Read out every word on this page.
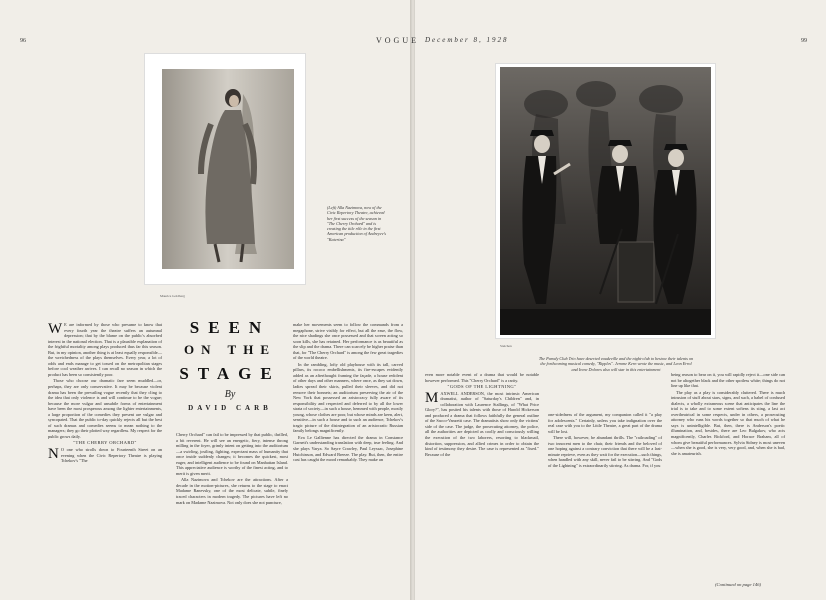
96
Maurice Goldberg
(Left) Alla Nazimova, now of the Civic Repertory Theatre, achieved her first success of the season in "The Cherry Orchard" and is creating the title rôle in the first American production of Andreyev's "Katerina"

W E are informed by those who presume to know that every fourth year the theatre suffers an autumnal depression; that by the blame on the public's absorbed interest in the national election. That is a plausible explanation of the frightful mortality among plays produced thus far this season. But, in my opinion, another thing is at least equally responsible—the wretchedness of the plays themselves. Every year, a lot of odds and ends manage to get tossed on the metropolitan stages before cool weather arrives. I can recall no season in which the product has been so consistently poor.

Those who choose our dramatic fare seem muddled—or, perhaps, they are only conservative. It may be because violent drama has been the prevailing vogue recently that they cling to the idea that only violence is and will continue to be the vogue; because the more vulgar and unsubtle forms of entertainment have been the most prosperous among the lighter entertainments, a large proportion of the comedies they present are vulgar and syncopated. That the public to-day quickly rejects all but the best of such dramas and comedies seems to mean nothing to the managers; they go their plotted way regardless. My respect for the public grows daily.

"THE CHERRY ORCHARD"

N O one who strolls down to Fourteenth Street on an evening when the Civic Repertory Theatre is playing Tchekov's "The

SEEN
ON THE
STAGE
By
DAVID CARB

Cherry Orchard" can fail to be impressed by that public, thrilled, a bit reverent. He will see an energetic, fiery, intense throng milling in the foyer, grimly intent on getting into the auditorium—a swirling, jostling, fighting, expectant mass of humanity that once inside suddenly changes; it becomes the quickest, most eager, and intelligent audience to be found on Manhattan Island. This appreciative audience is worthy of the finest acting, and to merit is given merit.

Alla Nazimova and Tchekov are the attractions. After a decade in the motion-pictures, she returns to the stage to enact Madame Ranevsky, one of the most delicate, subtle, finely traced characters in modern tragedy. The pictures have left no mark on Madame Nazimova. Not only does she not puncture,

make her movements seem to follow the commands from a megaphone, strive visibly for effect, but all the ease, the flow, the nice shadings she once possessed and that screen acting so soon kills, she has retained. Her performance is as beautiful as the slip and the drama. There can scarcely be higher praise than that, for "The Cherry Orchard" is among the few great tragedies of the world theatre.

In the rambling, lofty old playhouse with its tall, carved pillars, its rococo embellishments, its fire-escapes evidently added as an afterthought framing the façade, a house redolent of other days and other manners, where once, as they sat down, ladies spread their skirts, pulled their sleeves, and did not remove their bonnets; an auditorium preserving the air of the New York that possessed an aristocracy fully aware of its responsibility and respected and deferred to by all the lower strata of society—in such a house, hemmed with people, mostly young, whose clothes are poor, but whose minds are keen, alert, sensitive—in such a house and to such an audience, Tchekov's tragic picture of the disintegration of an aristocratic Russian family belongs magnificently.

Eva Le Gallienne has directed the drama in Constance Garnett's understanding translation with deep, true feeling. And she plays Varya. So Sayre Crawley, Paul Leyssac, Josephine Hutchinson, and Edward Breeze. The play. But, then, the entire cast has caught the mood remarkably. They make an

VOGUE December 8, 1928	99
Steichen
The Parody Club Trio have deserted vaudeville and the night-club to bestow their talents on the forthcoming musical comedy, "Ripples". Jerome Kern wrote the music, and Leon Errol and Irene Dolores also will star in this entertainment

even more notable event of a drama that would be notable however performed. This "Cherry Orchard" is a rarity.

"GODS OF THE LIGHTNING"

MAXWELL ANDERSON, the most intrinsic American dramatist, author of "Saturday's Children" and, in collaboration with Laurence Stallings, of "What Price Glory?", has posited his talents with those of Harold Hickerson and produced a drama that follows faithfully the general outline of the Sacco-Vanzetti case. The dramatists show only the victims' side of the case. The judge, the prosecuting attorney, the police, all the authorities are depicted as coolly and consciously willing the execution of the two laborers, resorting to blackmail, distortion, suppression, and allied crimes in order to obtain the kind of testimony they desire. The case is represented as "fixed." Because of the

one-sidedness of the argument, my companion called it "a play for adolescents." Certainly, unless you take indignation over the real case with you to the Little Theatre, a great part of the drama will be lost.

There will, however, be abundant thrills. The "railroading" of two innocent men to the chair, their friends and the beloved of one hoping against a contrary conviction that there will be a last-minute reprieve, even as they wait for the execution—such things, when handled with any skill, never fail to be stirring. And "Gods of the Lightning" is extraordinarily stirring. As drama. For, if you

being reason to bear on it, you will rapidly reject it—one side can not be altogether black and the other spotless white; things do not line up like that.

The play as a play is considerably cluttered. There is much intrusion of stuff about stars, signs, and such, a babel of confused dialects, a wholly extraneous scene that anticipates the line the trial is to take and to some extent softens its sting, a last act overtheatrical in some respects, under in others, a prosecuting attorney who runs his words together so that much of what he says is unintelligible. But, then, there is Anderson's poetic illumination, and, besides, there are Leo Bulgakov, who acts magnificently, Charles Bickford, and Horace Braham, all of whom give beautiful performances. Sylvia Sidney is most uneven—when she is good, she is very, very good, and, when she is bad, she is amateurish.

(Continued on page 146)
